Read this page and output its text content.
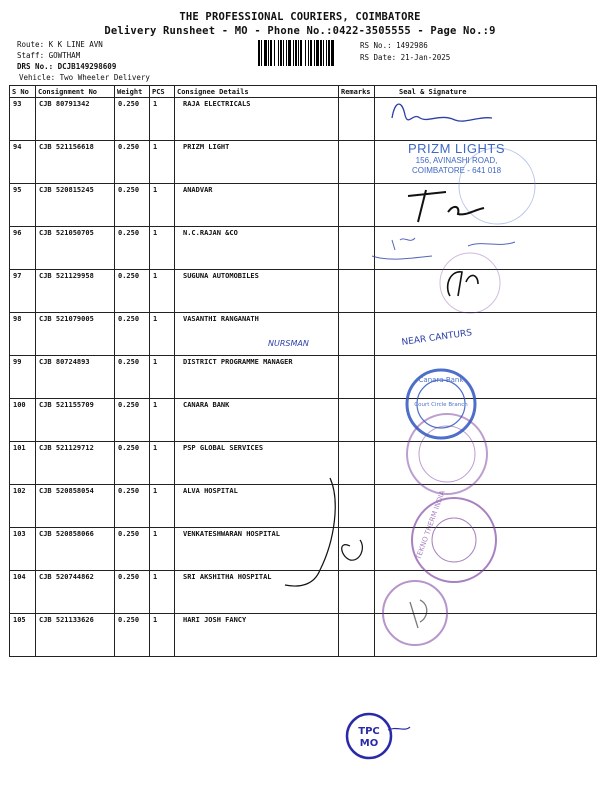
THE PROFESSIONAL COURIERS, COIMBATORE
Delivery Runsheet - MO - Phone No.:0422-3505555 - Page No.:9
Route: K K LINE AVN
Staff: GOWTHAM
DRS No.: DCJB149298609
Vehicle: Two Wheeler Delivery
RS No.: 1492986
RS Date: 21-Jan-2025
S No	Consignment No	Weight	PCS	Consignee Details	Remarks	Seal & Signature
93	CJB 80791342	0.250	1	RAJA ELECTRICALS		
94	CJB 521156618	0.250	1	PRIZM LIGHT		
95	CJB 520815245	0.250	1	ANADVAR		
96	CJB 521050705	0.250	1	N.C.RAJAN &CO		
97	CJB 521129958	0.250	1	SUGUNA AUTOMOBILES		
98	CJB 521079005	0.250	1	VASANTHI RANGANATH		
99	CJB 80724893	0.250	1	DISTRICT PROGRAMME MANAGER		
100	CJB 521155709	0.250	1	CANARA BANK		
101	CJB 521129712	0.250	1	PSP GLOBAL SERVICES		
102	CJB 520858054	0.250	1	ALVA HOSPITAL		
103	CJB 520858066	0.250	1	VENKATESHWARAN HOSPITAL		
104	CJB 520744862	0.250	1	SRI AKSHITHA HOSPITAL		
105	CJB 521133626	0.250	1	HARI JOSH FANCY		
NEAR CANTURS
NURSMAN
Canara Bank
Court Circle Branch
TEKNO THERM INDIA
TPC
MO
PRIZM LIGHTS
156, AVINASHI ROAD,
COIMBATORE - 641 018
